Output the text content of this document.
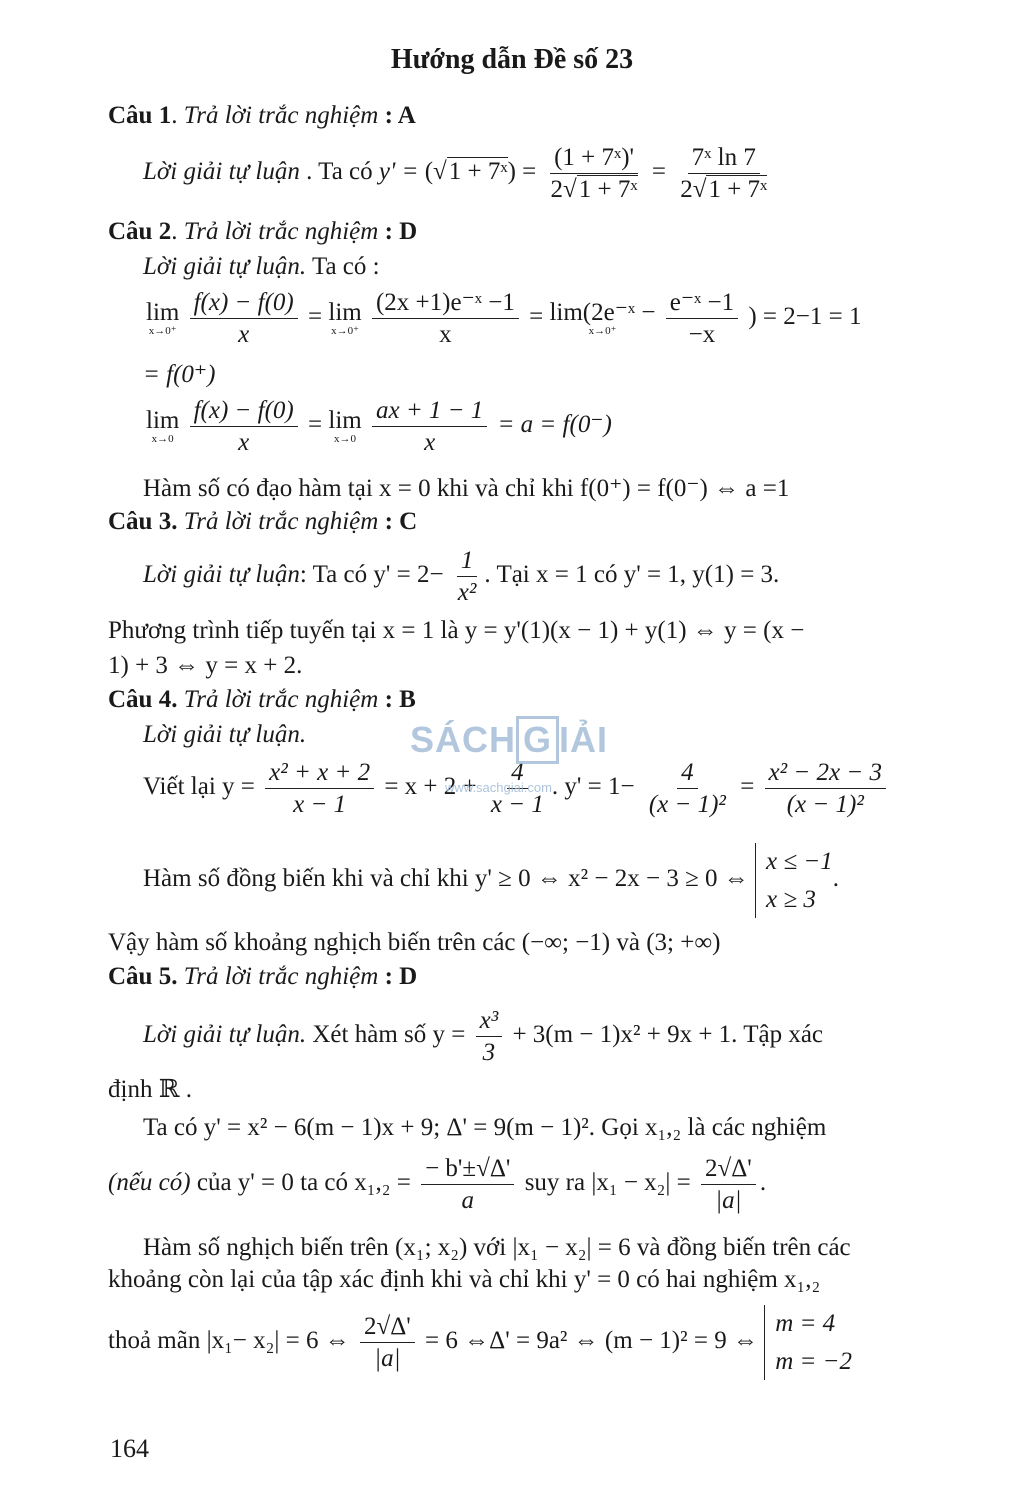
Hướng dẫn Đề số 23
Câu 1. Trả lời trắc nghiệm : A
Lời giải tự luận . Ta có y' = (√1 + 7ˣ) = $\frac{\text{(1 + 7ˣ)'}}{\text{2√1 + 7ˣ}} = \frac{\text{7ˣ ln 7}}{\text{2√1 + 7ˣ}}$
Câu 2. Trả lời trắc nghiệm : D
Lời giải tự luận. Ta có :
lim
x→0⁺
$\frac{f(x) - f(0)}{x} = \lim$
x→0⁺
$\frac{\text{(2x +1)e⁻ˣ −1}}{x}$ = lim(2e⁻ˣ −
x→0⁺
$\frac{\text{e⁻ˣ −1}}{-x}$ ) = 2−1 = 1
= f(0⁺)
lim
x→0
$\frac{f(x) - f(0)}{x} = \lim$
x→0
$\frac{ax + 1 - 1}{x} = a = f(0^-)$
Hàm số có đạo hàm tại x = 0 khi và chỉ khi f(0⁺) = f(0⁻) ⇔ a =1
Câu 3. Trả lời trắc nghiệm : C
Lời giải tự luận: Ta có $y' = 2- \frac{1}{\text{x²}}$ . Tại x = 1 có y' = 1, y(1) = 3.
Phương trình tiếp tuyến tại x = 1 là y = y'(1)(x − 1) + y(1) ⇔ y = (x −
1) + 3 ⇔ y = x + 2.
Câu 4. Trả lời trắc nghiệm : B
Lời giải tự luận.
Viết lại $y = \frac{\text{x² + x + 2}}{x - 1} = x + 2 + \frac{4}{x - 1}$ . $y' = 1- \frac{4}{\text{(x − 1)²}} = \frac{\text{x² − 2x − 3}}{\text{(x − 1)²}}$
Hàm số đồng biến khi và chỉ khi y' ≥ 0 ⇔ x² − 2x − 3 ≥ 0 ⇔ x ≤ −1
x ≥ 3.
Vậy hàm số khoảng nghịch biến trên các (−∞; −1) và (3; +∞)
Câu 5. Trả lời trắc nghiệm : D
Lời giải tự luận. Xét hàm số $y = \frac{\text{x³}}{3} + 3(m - 1)x^2 + 9x + 1$. Tập xác
định ℝ .
Ta có y' = x² − 6(m − 1)x + 9; Δ' = 9(m − 1)². Gọi x₁,₂ là các nghiệm
(nếu có) của y' = 0 ta có $x_1,_2 = \frac{- b'\pm√\Delta'}{a}$ suy ra $|x_1 - x_2| = \frac{2√\Delta'}{|a|}$ .
Hàm số nghịch biến trên (x₁; x₂) với |x₁ − x₂| = 6 và đồng biến trên các
khoảng còn lại của tập xác định khi và chỉ khi y' = 0 có hai nghiệm x₁,₂
thoả mãn |x₁− x₂| = 6 ⇔ $\frac{2√\Delta'}{|a|} = 6$ ⇔Δ' = 9a² ⇔ (m − 1)² = 9 ⇔ m = 4
m = −2
SÁCH G IẢI
www.sachgiai.com
164
